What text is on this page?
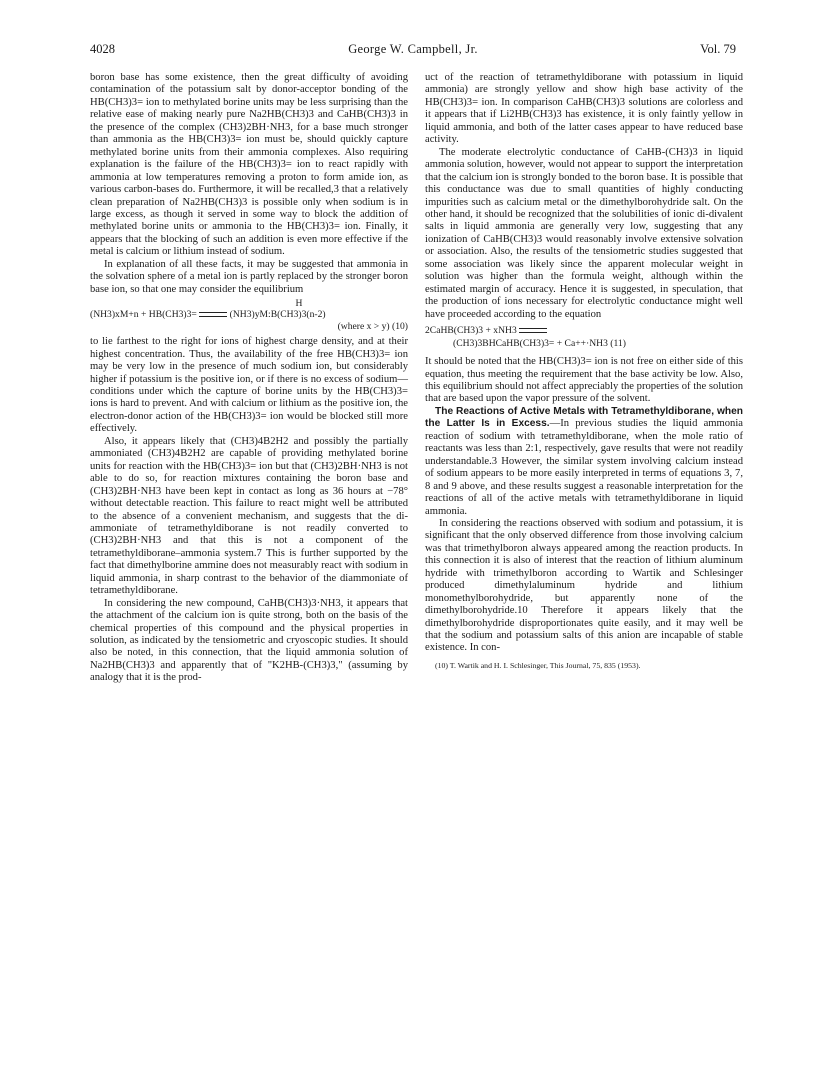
4028	George W. Campbell, Jr.	Vol. 79

boron base has some existence, then the great difficulty of avoiding contamination of the potassium salt by donor-acceptor bonding of the HB(CH3)3= ion to methylated borine units may be less surprising than the relative ease of making nearly pure Na2HB(CH3)3 and CaHB(CH3)3 in the presence of the complex (CH3)2BH·NH3, for a base much stronger than ammonia as the HB(CH3)3= ion must be, should quickly capture methylated borine units from their ammonia complexes. Also requiring explanation is the failure of the HB(CH3)3= ion to react rapidly with ammonia at low temperatures removing a proton to form amide ion, as various carbon-bases do. Furthermore, it will be recalled,3 that a relatively clean preparation of Na2HB(CH3)3 is possible only when sodium is in large excess, as though it served in some way to block the addition of methylated borine units or ammonia to the HB(CH3)3= ion. Finally, it appears that the blocking of such an addition is even more effective if the metal is calcium or lithium instead of sodium.

In explanation of all these facts, it may be suggested that ammonia in the solvation sphere of a metal ion is partly replaced by the stronger boron base ion, so that one may consider the equilibrium

H
(NH3)xM+n + HB(CH3)3=	(NH3)yM:B(CH3)3(n-2)
(where x > y) (10)

to lie farthest to the right for ions of highest charge density, and at their highest concentration. Thus, the availability of the free HB(CH3)3= ion may be very low in the presence of much sodium ion, but considerably higher if potassium is the positive ion, or if there is no excess of sodium—conditions under which the capture of borine units by the HB(CH3)3= ions is hard to prevent. And with calcium or lithium as the positive ion, the electron-donor action of the HB(CH3)3= ion would be blocked still more effectively.

Also, it appears likely that (CH3)4B2H2 and possibly the partially ammoniated (CH3)4B2H2 are capable of providing methylated borine units for reaction with the HB(CH3)3= ion but that (CH3)2BH·NH3 is not able to do so, for reaction mixtures containing the boron base and (CH3)2BH·NH3 have been kept in contact as long as 36 hours at −78° without detectable reaction. This failure to react might well be attributed to the absence of a convenient mechanism, and suggests that the di-ammoniate of tetramethyldiborane is not readily converted to (CH3)2BH·NH3 and that this is not a component of the tetramethyldiborane–ammonia system.7 This is further supported by the fact that dimethylborine ammine does not measurably react with sodium in liquid ammonia, in sharp contrast to the behavior of the diammoniate of tetramethyldiborane.

In considering the new compound, CaHB(CH3)3·NH3, it appears that the attachment of the calcium ion is quite strong, both on the basis of the chemical properties of this compound and the physical properties in solution, as indicated by the tensiometric and cryoscopic studies. It should also be noted, in this connection, that the liquid ammonia solution of Na2HB(CH3)3 and apparently that of "K2HB-(CH3)3," (assuming by analogy that it is the prod-

uct of the reaction of tetramethyldiborane with potassium in liquid ammonia) are strongly yellow and show high base activity of the HB(CH3)3= ion. In comparison CaHB(CH3)3 solutions are colorless and it appears that if Li2HB(CH3)3 has existence, it is only faintly yellow in liquid ammonia, and both of the latter cases appear to have reduced base activity.

The moderate electrolytic conductance of CaHB-(CH3)3 in liquid ammonia solution, however, would not appear to support the interpretation that the calcium ion is strongly bonded to the boron base. It is possible that this conductance was due to small quantities of highly conducting impurities such as calcium metal or the dimethylborohydride salt. On the other hand, it should be recognized that the solubilities of ionic di-divalent salts in liquid ammonia are generally very low, suggesting that any ionization of CaHB(CH3)3 would reasonably involve extensive solvation or association. Also, the results of the tensiometric studies suggested that some association was likely since the apparent molecular weight in solution was higher than the formula weight, although within the estimated margin of accuracy. Hence it is suggested, in speculation, that the production of ions necessary for electrolytic conductance might well have proceeded according to the equation

2CaHB(CH3)3 + xNH3
(CH3)3BHCaHB(CH3)3= + Ca++·NH3 (11)

It should be noted that the HB(CH3)3= ion is not free on either side of this equation, thus meeting the requirement that the base activity be low. Also, this equilibrium should not affect appreciably the properties of the solution that are based upon the vapor pressure of the solvent.

The Reactions of Active Metals with Tetramethyldiborane, when the Latter Is in Excess.—In previous studies the liquid ammonia reaction of sodium with tetramethyldiborane, when the mole ratio of reactants was less than 2:1, respectively, gave results that were not readily understandable.3 However, the similar system involving calcium instead of sodium appears to be more easily interpreted in terms of equations 3, 7, 8 and 9 above, and these results suggest a reasonable interpretation for the reactions of all of the active metals with tetramethyldiborane in liquid ammonia.

In considering the reactions observed with sodium and potassium, it is significant that the only observed difference from those involving calcium was that trimethylboron always appeared among the reaction products. In this connection it is also of interest that the reaction of lithium aluminum hydride with trimethylboron according to Wartik and Schlesinger produced dimethylaluminum hydride and lithium monomethylborohydride, but apparently none of the dimethylborohydride.10 Therefore it appears likely that the dimethylborohydride disproportionates quite easily, and it may well be that the sodium and potassium salts of this anion are incapable of stable existence. In con-

(10) T. Wartik and H. I. Schlesinger, This Journal, 75, 835 (1953).
